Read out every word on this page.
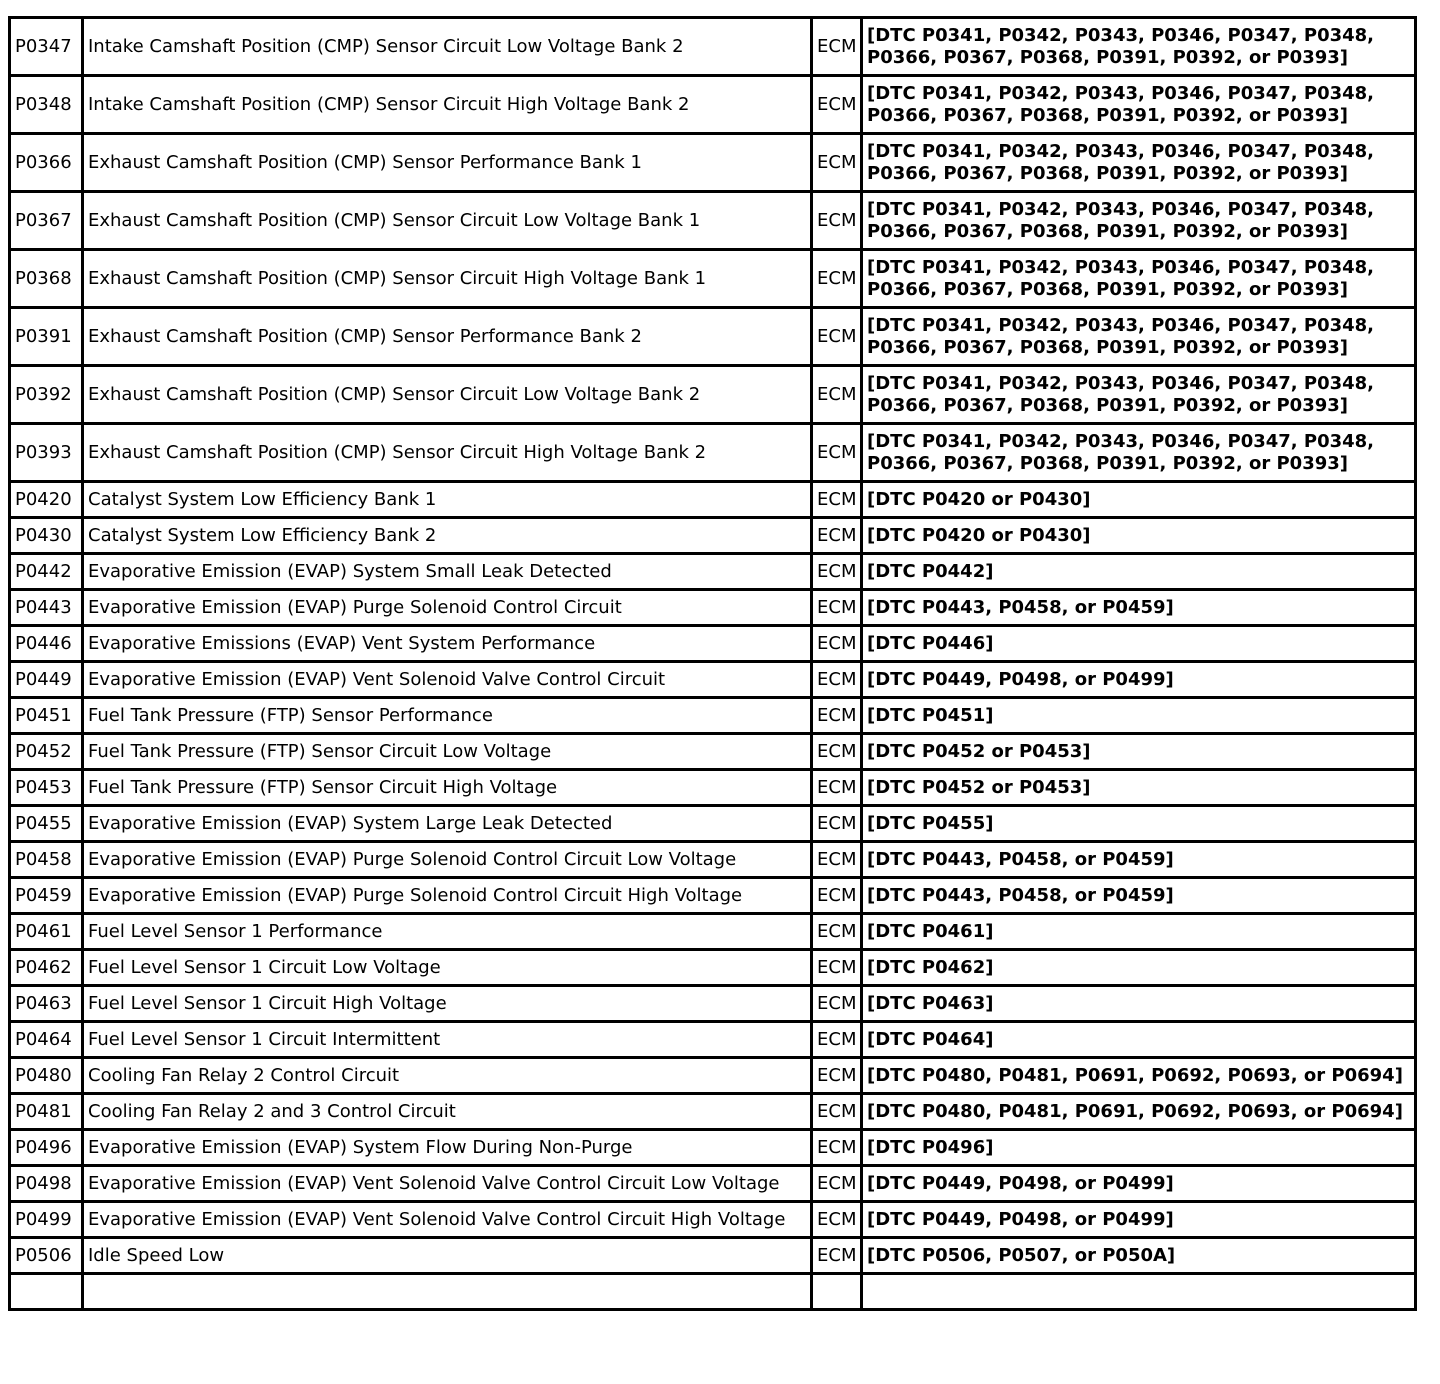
P0347	Intake Camshaft Position (CMP) Sensor Circuit Low Voltage Bank 2	ECM	[DTC P0341, P0342, P0343, P0346, P0347, P0348, P0366, P0367, P0368, P0391, P0392, or P0393]
P0348	Intake Camshaft Position (CMP) Sensor Circuit High Voltage Bank 2	ECM	[DTC P0341, P0342, P0343, P0346, P0347, P0348, P0366, P0367, P0368, P0391, P0392, or P0393]
P0366	Exhaust Camshaft Position (CMP) Sensor Performance Bank 1	ECM	[DTC P0341, P0342, P0343, P0346, P0347, P0348, P0366, P0367, P0368, P0391, P0392, or P0393]
P0367	Exhaust Camshaft Position (CMP) Sensor Circuit Low Voltage Bank 1	ECM	[DTC P0341, P0342, P0343, P0346, P0347, P0348, P0366, P0367, P0368, P0391, P0392, or P0393]
P0368	Exhaust Camshaft Position (CMP) Sensor Circuit High Voltage Bank 1	ECM	[DTC P0341, P0342, P0343, P0346, P0347, P0348, P0366, P0367, P0368, P0391, P0392, or P0393]
P0391	Exhaust Camshaft Position (CMP) Sensor Performance Bank 2	ECM	[DTC P0341, P0342, P0343, P0346, P0347, P0348, P0366, P0367, P0368, P0391, P0392, or P0393]
P0392	Exhaust Camshaft Position (CMP) Sensor Circuit Low Voltage Bank 2	ECM	[DTC P0341, P0342, P0343, P0346, P0347, P0348, P0366, P0367, P0368, P0391, P0392, or P0393]
P0393	Exhaust Camshaft Position (CMP) Sensor Circuit High Voltage Bank 2	ECM	[DTC P0341, P0342, P0343, P0346, P0347, P0348, P0366, P0367, P0368, P0391, P0392, or P0393]
P0420	Catalyst System Low Efficiency Bank 1	ECM	[DTC P0420 or P0430]
P0430	Catalyst System Low Efficiency Bank 2	ECM	[DTC P0420 or P0430]
P0442	Evaporative Emission (EVAP) System Small Leak Detected	ECM	[DTC P0442]
P0443	Evaporative Emission (EVAP) Purge Solenoid Control Circuit	ECM	[DTC P0443, P0458, or P0459]
P0446	Evaporative Emissions (EVAP) Vent System Performance	ECM	[DTC P0446]
P0449	Evaporative Emission (EVAP) Vent Solenoid Valve Control Circuit	ECM	[DTC P0449, P0498, or P0499]
P0451	Fuel Tank Pressure (FTP) Sensor Performance	ECM	[DTC P0451]
P0452	Fuel Tank Pressure (FTP) Sensor Circuit Low Voltage	ECM	[DTC P0452 or P0453]
P0453	Fuel Tank Pressure (FTP) Sensor Circuit High Voltage	ECM	[DTC P0452 or P0453]
P0455	Evaporative Emission (EVAP) System Large Leak Detected	ECM	[DTC P0455]
P0458	Evaporative Emission (EVAP) Purge Solenoid Control Circuit Low Voltage	ECM	[DTC P0443, P0458, or P0459]
P0459	Evaporative Emission (EVAP) Purge Solenoid Control Circuit High Voltage	ECM	[DTC P0443, P0458, or P0459]
P0461	Fuel Level Sensor 1 Performance	ECM	[DTC P0461]
P0462	Fuel Level Sensor 1 Circuit Low Voltage	ECM	[DTC P0462]
P0463	Fuel Level Sensor 1 Circuit High Voltage	ECM	[DTC P0463]
P0464	Fuel Level Sensor 1 Circuit Intermittent	ECM	[DTC P0464]
P0480	Cooling Fan Relay 2 Control Circuit	ECM	[DTC P0480, P0481, P0691, P0692, P0693, or P0694]
P0481	Cooling Fan Relay 2 and 3 Control Circuit	ECM	[DTC P0480, P0481, P0691, P0692, P0693, or P0694]
P0496	Evaporative Emission (EVAP) System Flow During Non-Purge	ECM	[DTC P0496]
P0498	Evaporative Emission (EVAP) Vent Solenoid Valve Control Circuit Low Voltage	ECM	[DTC P0449, P0498, or P0499]
P0499	Evaporative Emission (EVAP) Vent Solenoid Valve Control Circuit High Voltage	ECM	[DTC P0449, P0498, or P0499]
P0506	Idle Speed Low	ECM	[DTC P0506, P0507, or P050A]
